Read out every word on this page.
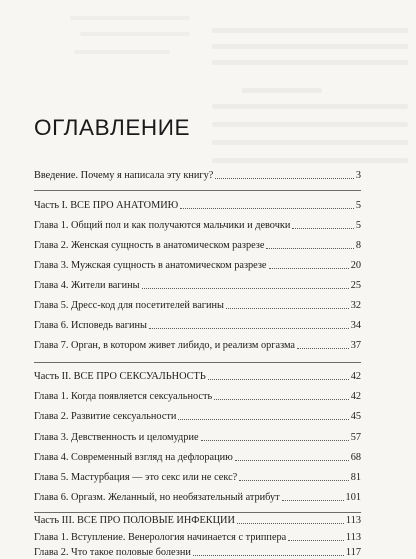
ОГЛАВЛЕНИЕ
Введение. Почему я написала эту книгу?	3
Часть I. ВСЕ ПРО АНАТОМИЮ	5
Глава 1. Общий пол и как получаются мальчики и девочки	5
Глава 2. Женская сущность в анатомическом разрезе	8
Глава 3. Мужская сущность в анатомическом разрезе	20
Глава 4. Жители вагины	25
Глава 5. Дресс-код для посетителей вагины	32
Глава 6. Исповедь вагины	34
Глава 7. Орган, в котором живет либидо, и реализм оргазма	37
Часть II. ВСЕ ПРО СЕКСУАЛЬНОСТЬ	42
Глава 1. Когда появляется сексуальность	42
Глава 2. Развитие сексуальности	45
Глава 3. Девственность и целомудрие	57
Глава 4. Современный взгляд на дефлорацию	68
Глава 5. Мастурбация — это секс или не секс?	81
Глава 6. Оргазм. Желанный, но необязательный атрибут	101
Часть III. ВСЕ ПРО ПОЛОВЫЕ ИНФЕКЦИИ	113
Глава 1. Вступление. Венерология начинается с триппера	113
Глава 2. Что такое половые болезни	117
